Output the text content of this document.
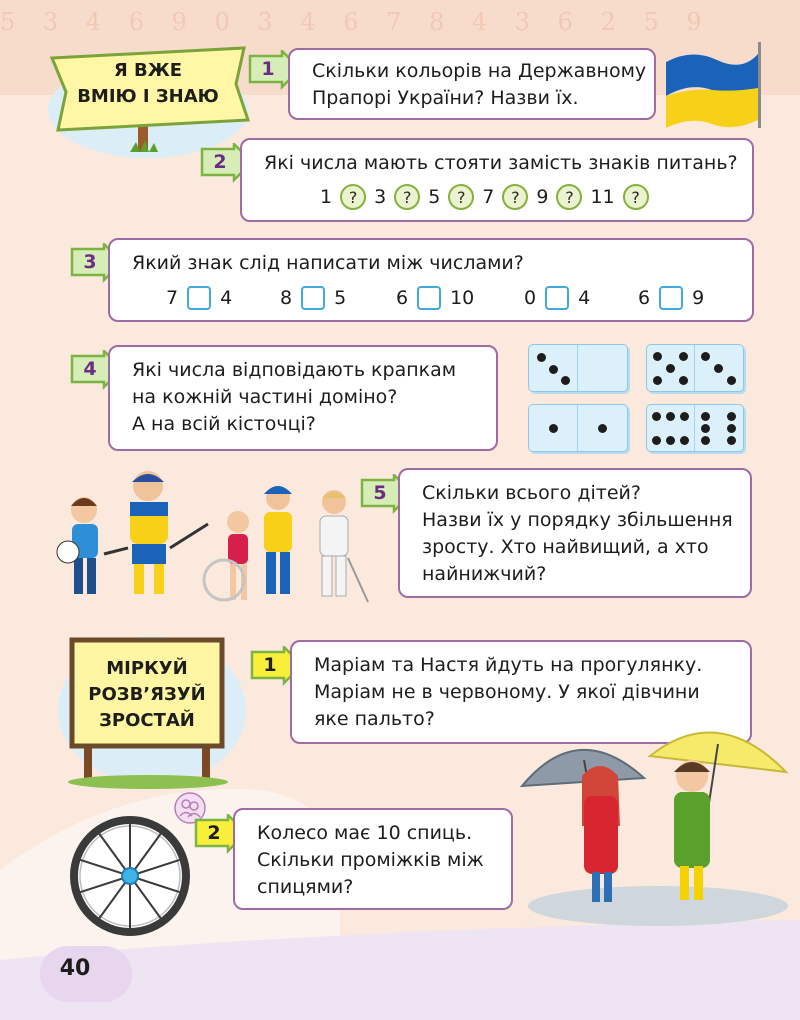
5 3 4 6 9 0 3 4 6 7 8 4 3 6 2 5 9
Я ВЖЕ
ВМІЮ І ЗНАЮ
1	Скільки кольорів на Державному
Прапорі України? Назви їх.
2	Які числа мають стояти замість знаків питань?
1	? 3	? 5	? 7	? 9	? 11	?
3	Який знак слід написати між числами?
7 4	8 5	6 10	0 4	6 9
4	Які числа відповідають крапкам
на кожній частині доміно?
А на всій кісточці?
5	Скільки всього дітей?
Назви їх у порядку збільшення
зросту. Хто найвищий, а хто
найнижчий?
МІРКУЙ
РОЗВ’ЯЗУЙ
ЗРОСТАЙ
1	Маріам та Настя йдуть на прогулянку.
Маріам не в червоному. У якої дівчини
яке пальто?
2	Колесо має 10 спиць.
Скільки проміжків між
спицями?
40
